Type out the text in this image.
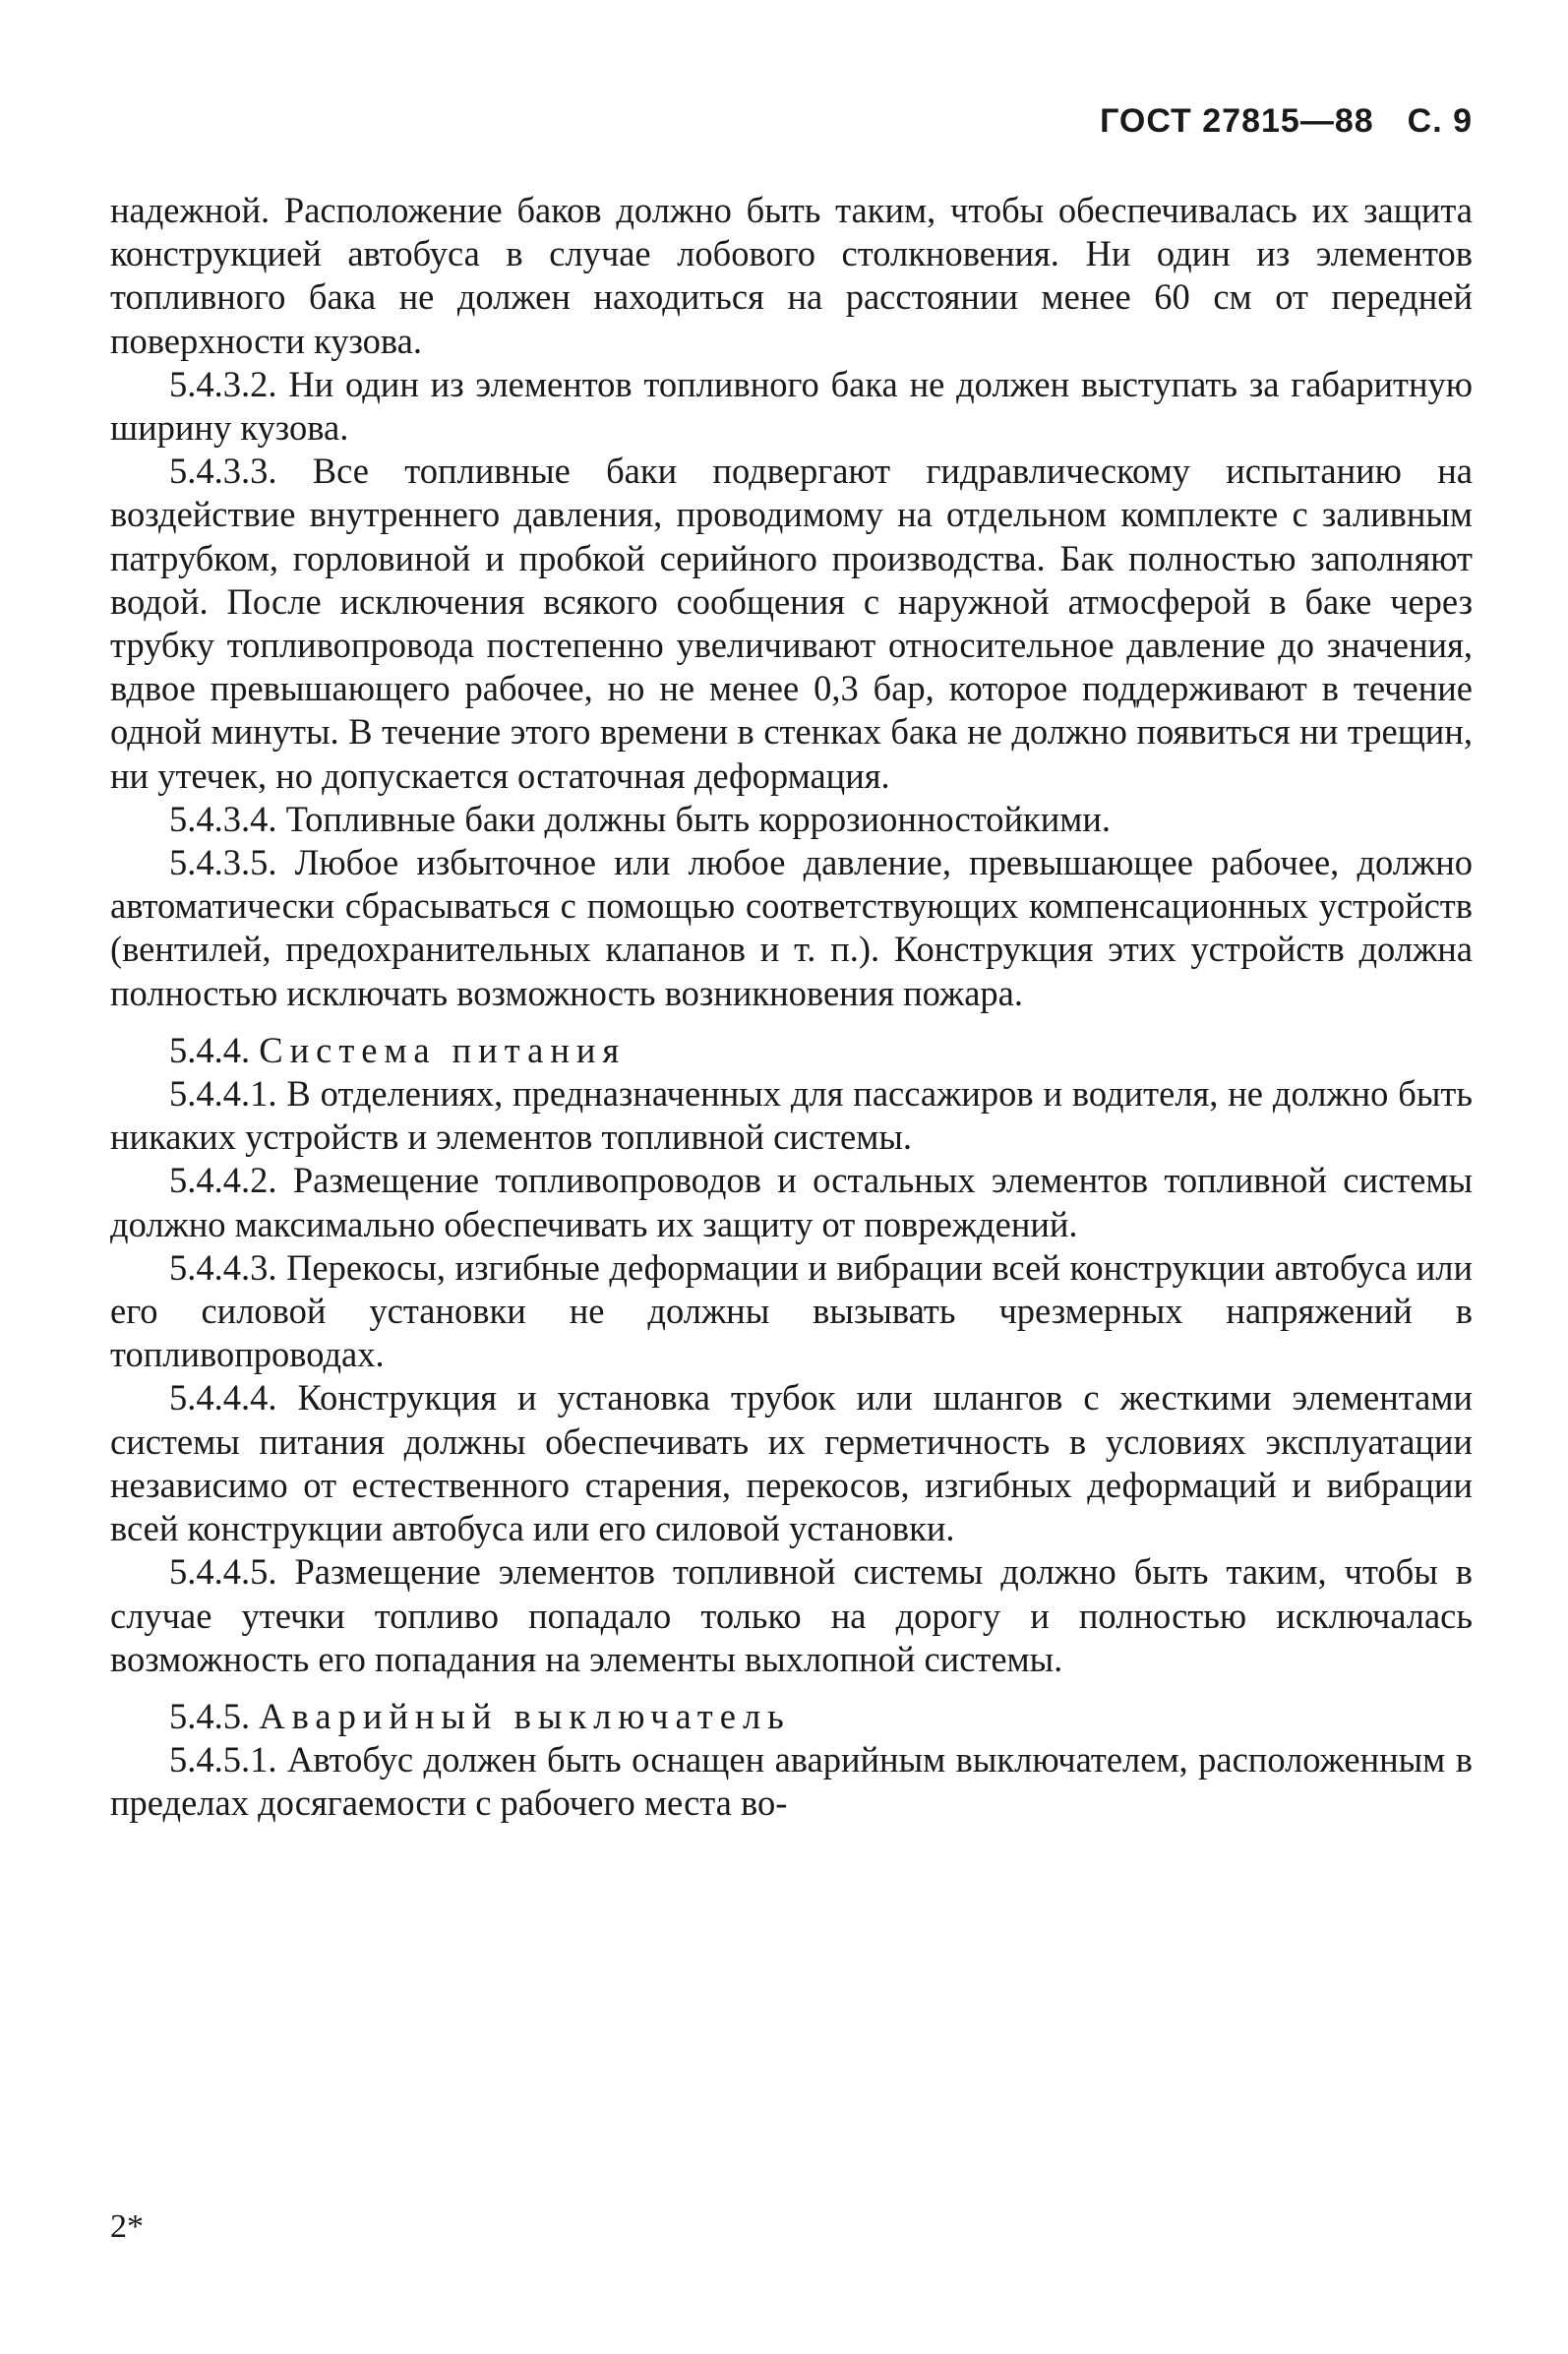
ГОСТ 27815—88 С. 9

надежной. Расположение баков должно быть таким, чтобы обеспечивалась их защита конструкцией автобуса в случае лобового столкновения. Ни один из элементов топливного бака не должен находиться на расстоянии менее 60 см от передней поверхности кузова.

5.4.3.2. Ни один из элементов топливного бака не должен выступать за габаритную ширину кузова.

5.4.3.3. Все топливные баки подвергают гидравлическому испытанию на воздействие внутреннего давления, проводимому на отдельном комплекте с заливным патрубком, горловиной и пробкой серийного производства. Бак полностью заполняют водой. После исключения всякого сообщения с наружной атмосферой в баке через трубку топливопровода постепенно увеличивают относительное давление до значения, вдвое превышающего рабочее, но не менее 0,3 бар, которое поддерживают в течение одной минуты. В течение этого времени в стенках бака не должно появиться ни трещин, ни утечек, но допускается остаточная деформация.

5.4.3.4. Топливные баки должны быть коррозионностойкими.

5.4.3.5. Любое избыточное или любое давление, превышающее рабочее, должно автоматически сбрасываться с помощью соответствующих компенсационных устройств (вентилей, предохранительных клапанов и т. п.). Конструкция этих устройств должна полностью исключать возможность возникновения пожара.

5.4.4. Система питания

5.4.4.1. В отделениях, предназначенных для пассажиров и водителя, не должно быть никаких устройств и элементов топливной системы.

5.4.4.2. Размещение топливопроводов и остальных элементов топливной системы должно максимально обеспечивать их защиту от повреждений.

5.4.4.3. Перекосы, изгибные деформации и вибрации всей конструкции автобуса или его силовой установки не должны вызывать чрезмерных напряжений в топливопроводах.

5.4.4.4. Конструкция и установка трубок или шлангов с жесткими элементами системы питания должны обеспечивать их герметичность в условиях эксплуатации независимо от естественного старения, перекосов, изгибных деформаций и вибрации всей конструкции автобуса или его силовой установки.

5.4.4.5. Размещение элементов топливной системы должно быть таким, чтобы в случае утечки топливо попадало только на дорогу и полностью исключалась возможность его попадания на элементы выхлопной системы.

5.4.5. Аварийный выключатель

5.4.5.1. Автобус должен быть оснащен аварийным выключателем, расположенным в пределах досягаемости с рабочего места во-

2*
